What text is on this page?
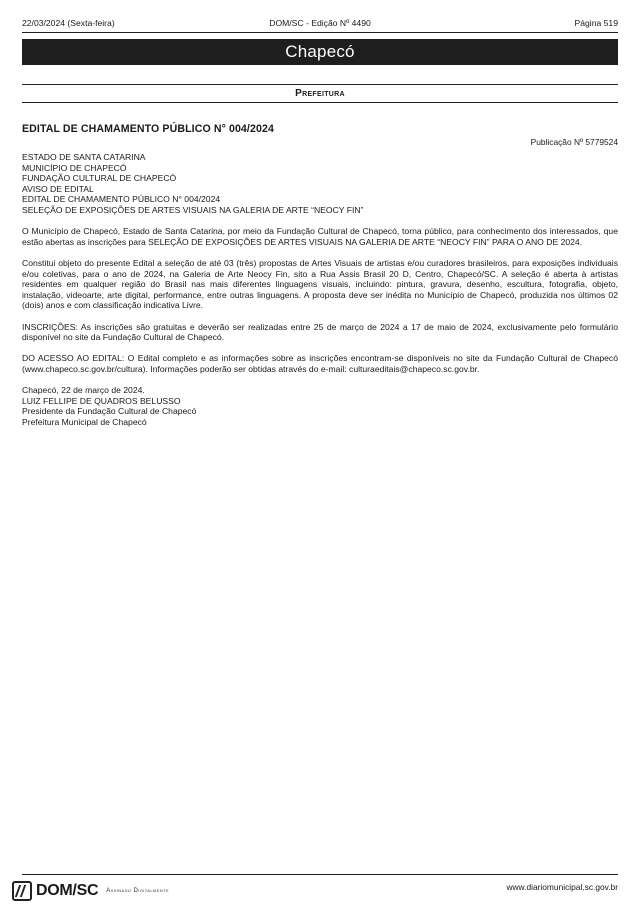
22/03/2024 (Sexta-feira)	DOM/SC - Edição Nº 4490	Página 519
Chapecó
Prefeitura
EDITAL DE CHAMAMENTO PÚBLICO N° 004/2024
Publicação Nº 5779524
ESTADO DE SANTA CATARINA
MUNICÍPIO DE CHAPECÓ
FUNDAÇÃO CULTURAL DE CHAPECÓ
AVISO DE EDITAL
EDITAL DE CHAMAMENTO PÚBLICO N° 004/2024
SELEÇÃO DE EXPOSIÇÕES DE ARTES VISUAIS NA GALERIA DE ARTE “NEOCY FIN”

O Município de Chapecó, Estado de Santa Catarina, por meio da Fundação Cultural de Chapecó, torna público, para conhecimento dos interessados, que estão abertas as inscrições para SELEÇÃO DE EXPOSIÇÕES DE ARTES VISUAIS NA GALERIA DE ARTE “NEOCY FIN” PARA O ANO DE 2024.

Constitui objeto do presente Edital a seleção de até 03 (três) propostas de Artes Visuais de artistas e/ou curadores brasileiros, para exposições individuais e/ou coletivas, para o ano de 2024, na Galeria de Arte Neocy Fin, sito a Rua Assis Brasil 20 D, Centro, Chapecó/SC. A seleção é aberta à artistas residentes em qualquer região do Brasil nas mais diferentes linguagens visuais, incluindo: pintura, gravura, desenho, escultura, fotografia, objeto, instalação, videoarte, arte digital, performance, entre outras linguagens. A proposta deve ser inédita no Município de Chapecó, produzida nos últimos 02 (dois) anos e com classificação indicativa Livre.

INSCRIÇÕES: As inscrições são gratuitas e deverão ser realizadas entre 25 de março de 2024 a 17 de maio de 2024, exclusivamente pelo formulário disponível no site da Fundação Cultural de Chapecó.

DO ACESSO AO EDITAL: O Edital completo e as informações sobre as inscrições encontram-se disponíveis no site da Fundação Cultural de Chapecó (www.chapeco.sc.gov.br/cultura). Informações poderão ser obtidas através do e-mail: culturaeditais@chapeco.sc.gov.br.

Chapecó, 22 de março de 2024.
LUIZ FELLIPE DE QUADROS BELUSSO
Presidente da Fundação Cultural de Chapecó
Prefeitura Municipal de Chapecó
DOM/SC Assinado Digitalmente	www.diariomunicipal.sc.gov.br
